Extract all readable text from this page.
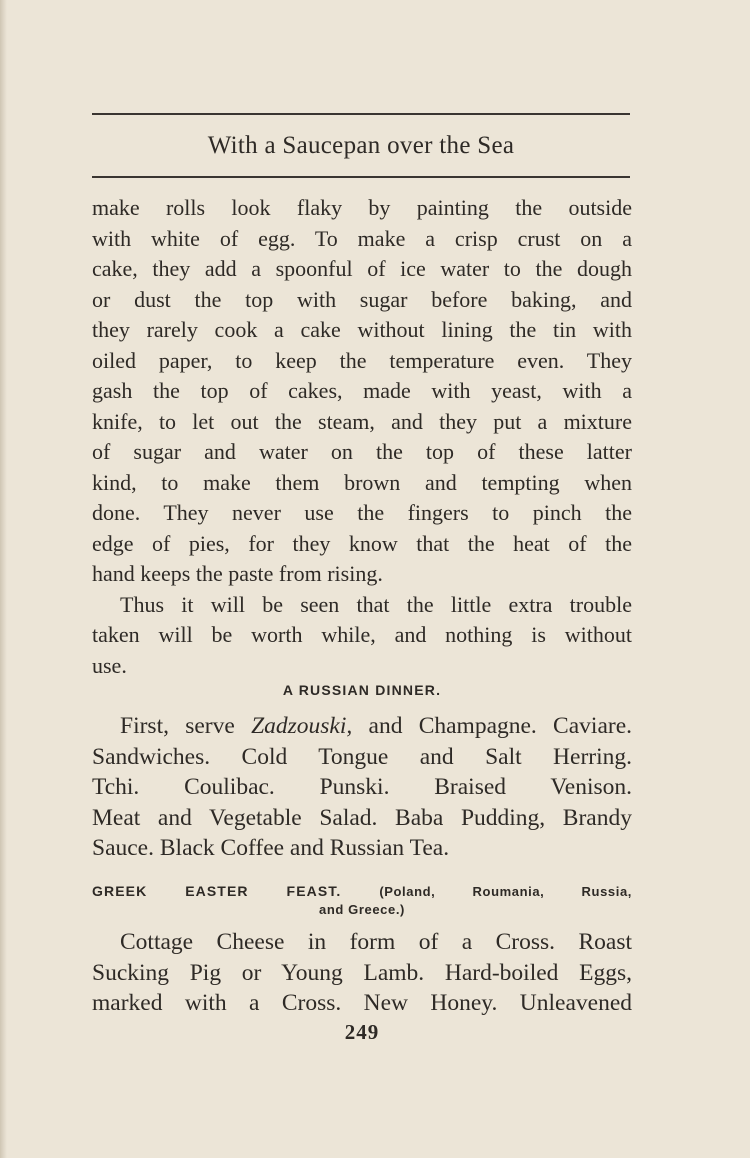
With a Saucepan over the Sea
make rolls look flaky by painting the outside
with white of egg. To make a crisp crust on a
cake, they add a spoonful of ice water to the dough
or dust the top with sugar before baking, and
they rarely cook a cake without lining the tin with
oiled paper, to keep the temperature even. They
gash the top of cakes, made with yeast, with a
knife, to let out the steam, and they put a mixture
of sugar and water on the top of these latter
kind, to make them brown and tempting when
done. They never use the fingers to pinch the
edge of pies, for they know that the heat of the
hand keeps the paste from rising.
Thus it will be seen that the little extra trouble
taken will be worth while, and nothing is without
use.
A RUSSIAN DINNER.
First, serve Zadzouski, and Champagne. Caviare.
Sandwiches. Cold Tongue and Salt Herring.
Tchi. Coulibac. Punski. Braised Venison.
Meat and Vegetable Salad. Baba Pudding, Brandy
Sauce. Black Coffee and Russian Tea.
GREEK EASTER FEAST.	(Poland, Roumania, Russia,
and Greece.)
Cottage Cheese in form of a Cross. Roast
Sucking Pig or Young Lamb. Hard-boiled Eggs,
marked with a Cross. New Honey. Unleavened
249
